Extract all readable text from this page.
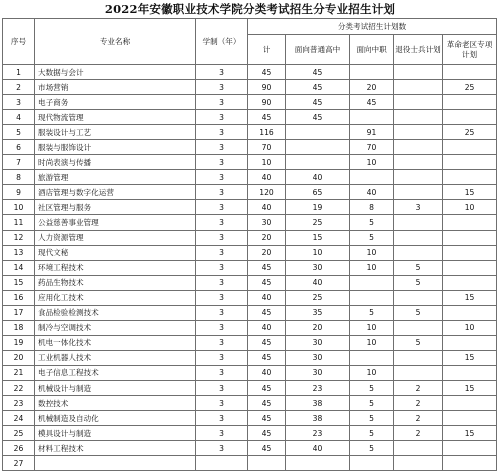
2022年安徽职业技术学院分类考试招生分专业招生计划
序号	专业名称	学制（年）	分类考试招生计划数				
			计	面向普通高中	面向中职	退役士兵计划	革命老区专项计划
1	大数据与会计	3	45	45			
2	市场营销	3	90	45	20		25
3	电子商务	3	90	45	45		
4	现代物流管理	3	45	45			
5	服装设计与工艺	3	116		91		25
6	服装与服饰设计	3	70		70		
7	时尚表演与传播	3	10		10		
8	旅游管理	3	40	40			
9	酒店管理与数字化运营	3	120	65	40		15
10	社区管理与服务	3	40	19	8	3	10
11	公益慈善事业管理	3	30	25	5		
12	人力资源管理	3	20	15	5		
13	现代文秘	3	20	10	10		
14	环境工程技术	3	45	30	10	5	
15	药品生物技术	3	45	40		5	
16	应用化工技术	3	40	25			15
17	食品检验检测技术	3	45	35	5	5	
18	制冷与空调技术	3	40	20	10		10
19	机电一体化技术	3	45	30	10	5	
20	工业机器人技术	3	45	30			15
21	电子信息工程技术	3	40	30	10		
22	机械设计与制造	3	45	23	5	2	15
23	数控技术	3	45	38	5	2	
24	机械制造及自动化	3	45	38	5	2	
25	模具设计与制造	3	45	23	5	2	15
26	材料工程技术	3	45	40	5		
27							
